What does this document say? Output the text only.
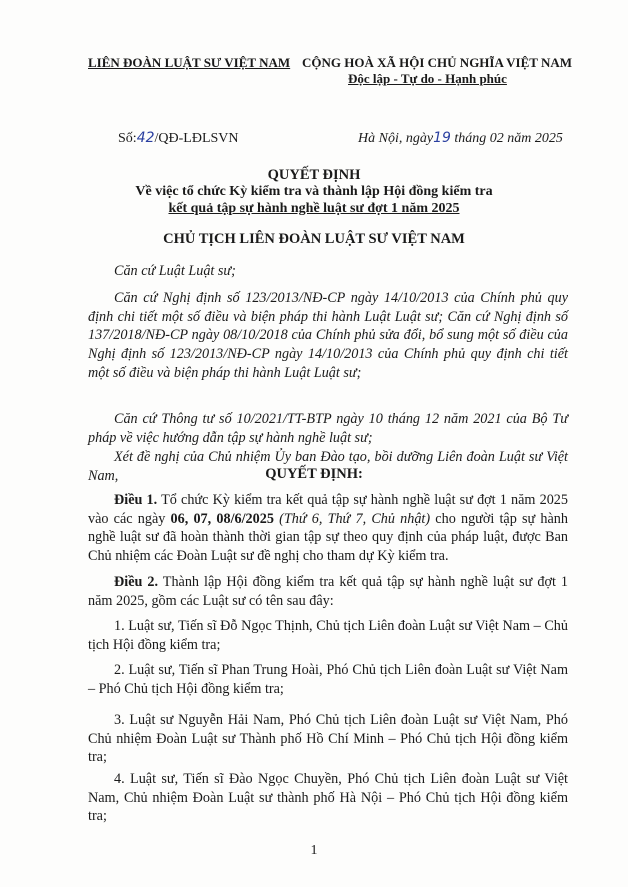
LIÊN ĐOÀN LUẬT SƯ VIỆT NAM CỘNG HOÀ XÃ HỘI CHỦ NGHĨA VIỆT NAM
Độc lập - Tự do - Hạnh phúc
Số:42/QĐ-LĐLSVN	Hà Nội, ngày19 tháng 02 năm 2025
QUYẾT ĐỊNH
Về việc tổ chức Kỳ kiểm tra và thành lập Hội đồng kiểm tra
kết quả tập sự hành nghề luật sư đợt 1 năm 2025
CHỦ TỊCH LIÊN ĐOÀN LUẬT SƯ VIỆT NAM
Căn cứ Luật Luật sư;
Căn cứ Nghị định số 123/2013/NĐ-CP ngày 14/10/2013 của Chính phủ quy định chi tiết một số điều và biện pháp thi hành Luật Luật sư; Căn cứ Nghị định số 137/2018/NĐ-CP ngày 08/10/2018 của Chính phủ sửa đổi, bổ sung một số điều của Nghị định số 123/2013/NĐ-CP ngày 14/10/2013 của Chính phủ quy định chi tiết một số điều và biện pháp thi hành Luật Luật sư;
Căn cứ Thông tư số 10/2021/TT-BTP ngày 10 tháng 12 năm 2021 của Bộ Tư pháp về việc hướng dẫn tập sự hành nghề luật sư;
Xét đề nghị của Chủ nhiệm Ủy ban Đào tạo, bồi dưỡng Liên đoàn Luật sư Việt Nam,	QUYẾT ĐỊNH:
Điều 1. Tổ chức Kỳ kiểm tra kết quả tập sự hành nghề luật sư đợt 1 năm 2025 vào các ngày 06, 07, 08/6/2025 (Thứ 6, Thứ 7, Chủ nhật) cho người tập sự hành nghề luật sư đã hoàn thành thời gian tập sự theo quy định của pháp luật, được Ban Chủ nhiệm các Đoàn Luật sư đề nghị cho tham dự Kỳ kiểm tra.
Điều 2. Thành lập Hội đồng kiểm tra kết quả tập sự hành nghề luật sư đợt 1 năm 2025, gồm các Luật sư có tên sau đây:
1. Luật sư, Tiến sĩ Đỗ Ngọc Thịnh, Chủ tịch Liên đoàn Luật sư Việt Nam – Chủ tịch Hội đồng kiểm tra;
2. Luật sư, Tiến sĩ Phan Trung Hoài, Phó Chủ tịch Liên đoàn Luật sư Việt Nam – Phó Chủ tịch Hội đồng kiểm tra;
3. Luật sư Nguyễn Hải Nam, Phó Chủ tịch Liên đoàn Luật sư Việt Nam, Phó Chủ nhiệm Đoàn Luật sư Thành phố Hồ Chí Minh – Phó Chủ tịch Hội đồng kiểm tra;
4. Luật sư, Tiến sĩ Đào Ngọc Chuyền, Phó Chủ tịch Liên đoàn Luật sư Việt Nam, Chủ nhiệm Đoàn Luật sư thành phố Hà Nội – Phó Chủ tịch Hội đồng kiểm tra;
1
